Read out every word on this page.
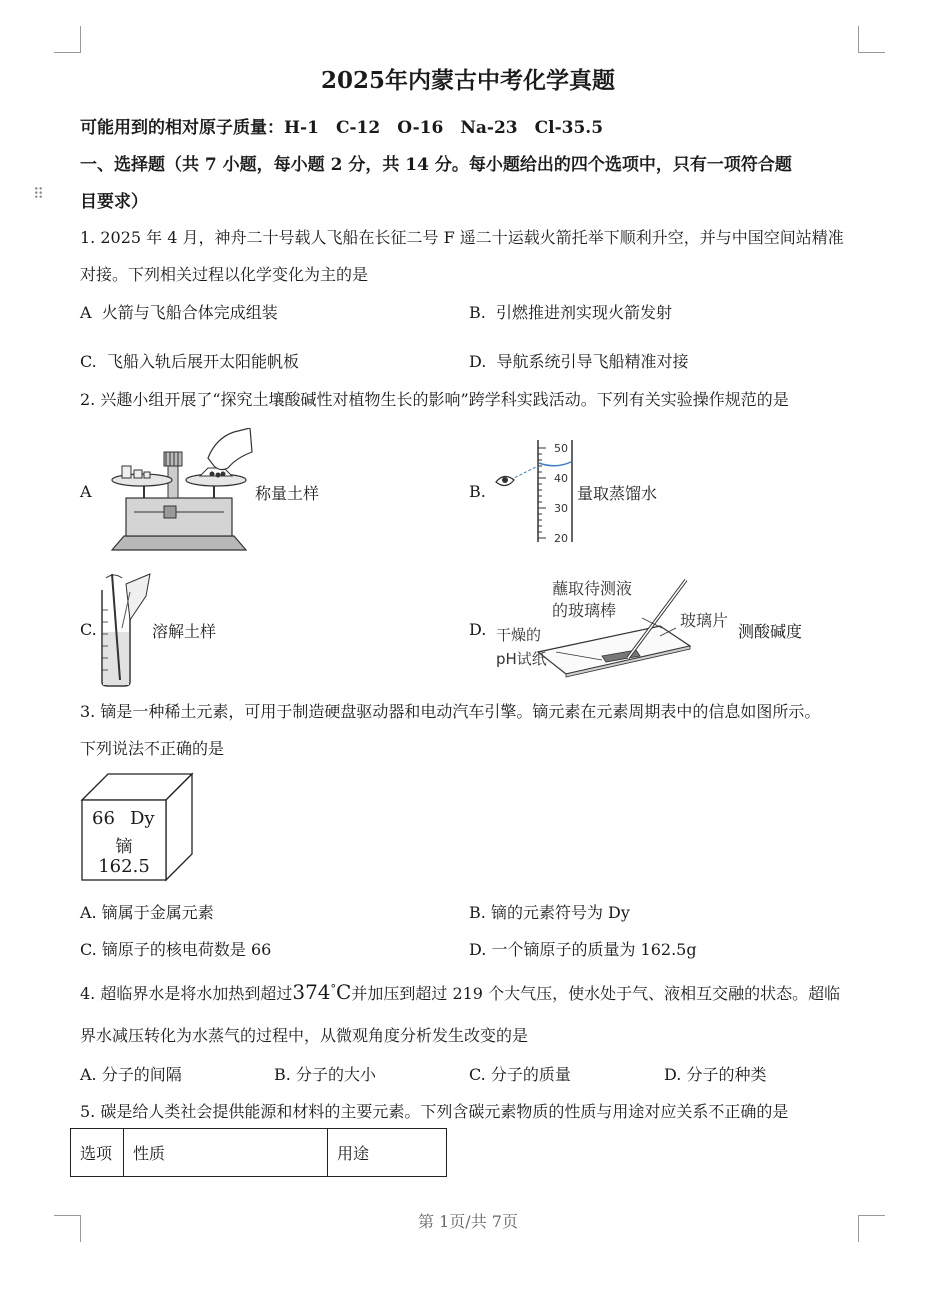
⠿
2025年内蒙古中考化学真题
可能用到的相对原子质量：H-1　C-12　O-16　Na-23　Cl-35.5
一、选择题（共 7 小题，每小题 2 分，共 14 分。每小题给出的四个选项中，只有一项符合题
目要求）
1. 2025 年 4 月，神舟二十号载人飞船在长征二号 F 遥二十运载火箭托举下顺利升空，并与中国空间站精准
对接。下列相关过程以化学变化为主的是
A 火箭与飞船合体完成组装	B. 引燃推进剂实现火箭发射
C. 飞船入轨后展开太阳能帆板	D. 导航系统引导飞船精准对接
2. 兴趣小组开展了“探究土壤酸碱性对植物生长的影响”跨学科实践活动。下列有关实验操作规范的是
A	称量土样	B.
50
40
30
20
量取蒸馏水
C.	溶解土样	D.
蘸取待测液
的玻璃棒
玻璃片
干燥的
pH试纸
测酸碱度
3. 镝是一种稀土元素，可用于制造硬盘驱动器和电动汽车引擎。镝元素在元素周期表中的信息如图所示。
下列说法不正确的是
66 Dy
镝
162.5
A. 镝属于金属元素	B. 镝的元素符号为 Dy
C. 镝原子的核电荷数是 66	D. 一个镝原子的质量为 162.5g
4. 超临界水是将水加热到超过374°C并加压到超过 219 个大气压，使水处于气、液相互交融的状态。超临
界水减压转化为水蒸气的过程中，从微观角度分析发生改变的是
A. 分子的间隔	B. 分子的大小	C. 分子的质量	D. 分子的种类
5. 碳是给人类社会提供能源和材料的主要元素。下列含碳元素物质的性质与用途对应关系不正确的是
选项	性质	用途
第 1页/共 7页
